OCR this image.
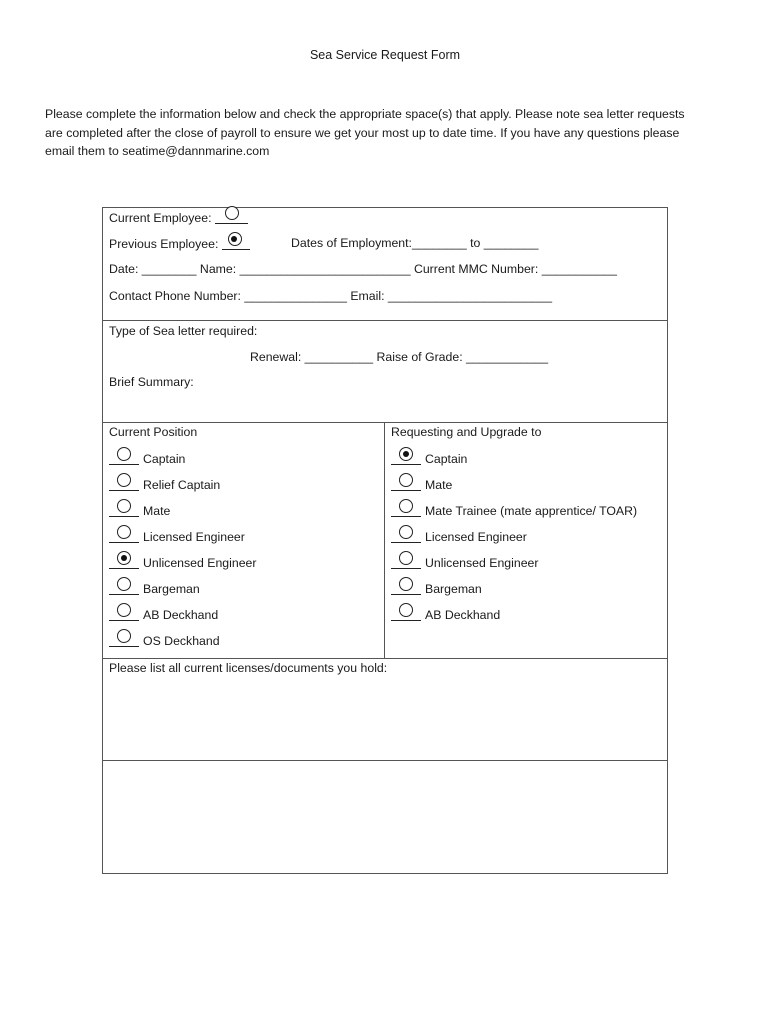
Sea Service Request Form
Please complete the information below and check the appropriate space(s) that apply. Please note sea letter requests
are completed after the close of payroll to ensure we get your most up to date time. If you have any questions please
email them to seatime@dannmarine.com
Current Employee:
Previous Employee:	Dates of Employment:________ to ________
Date: ________ Name: _________________________ Current MMC Number: ___________
Contact Phone Number: _______________ Email: ________________________
Type of Sea letter required:
Renewal: __________ Raise of Grade: ____________
Brief Summary:
Current Position	Requesting and Upgrade to
Captain
Relief Captain
Mate
Licensed Engineer
Unlicensed Engineer
Bargeman
AB Deckhand
OS Deckhand
Captain
Mate
Mate Trainee (mate apprentice/ TOAR)
Licensed Engineer
Unlicensed Engineer
Bargeman
AB Deckhand
Please list all current licenses/documents you hold:
